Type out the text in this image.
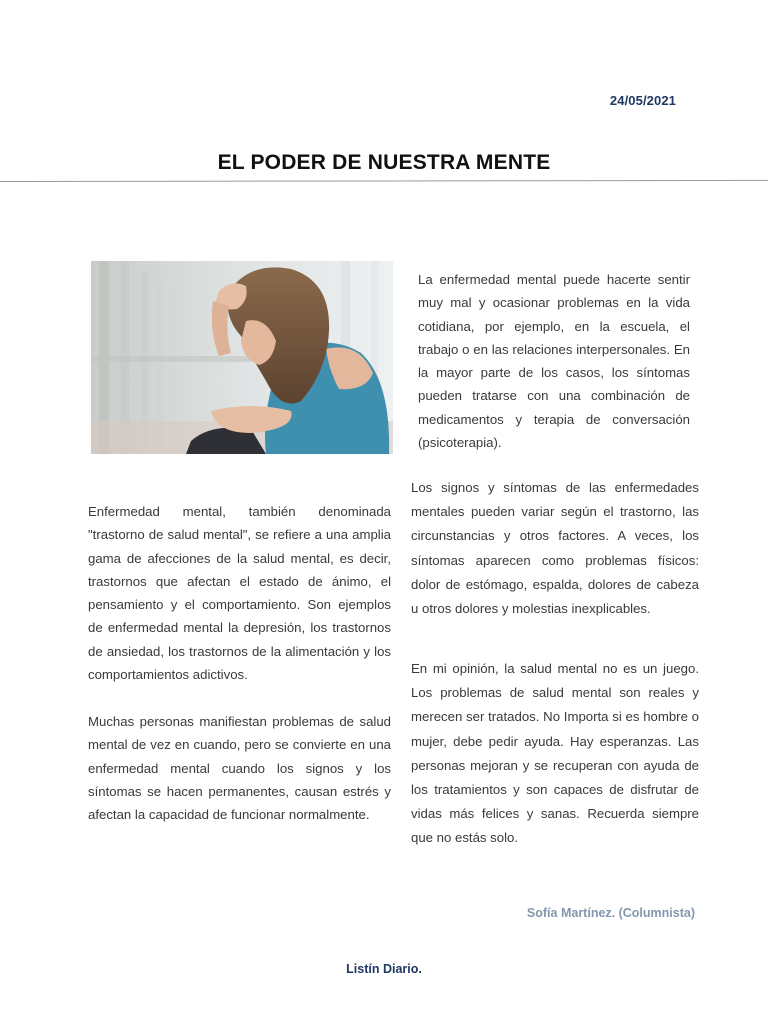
24/05/2021
EL PODER DE NUESTRA MENTE

La enfermedad mental puede hacerte sentir muy mal y ocasionar problemas en la vida cotidiana, por ejemplo, en la escuela, el trabajo o en las relaciones interpersonales. En la mayor parte de los casos, los síntomas pueden tratarse con una combinación de medicamentos y terapia de conversación (psicoterapia).

Los signos y síntomas de las enfermedades mentales pueden variar según el trastorno, las circunstancias y otros factores. A veces, los síntomas aparecen como problemas físicos: dolor de estómago, espalda, dolores de cabeza u otros dolores y molestias inexplicables.

En mi opinión, la salud mental no es un juego. Los problemas de salud mental son reales y merecen ser tratados. No Importa si es hombre o mujer, debe pedir ayuda. Hay esperanzas. Las personas mejoran y se recuperan con ayuda de los tratamientos y son capaces de disfrutar de vidas más felices y sanas. Recuerda siempre que no estás solo.

Enfermedad mental, también denominada "trastorno de salud mental", se refiere a una amplia gama de afecciones de la salud mental, es decir, trastornos que afectan el estado de ánimo, el pensamiento y el comportamiento. Son ejemplos de enfermedad mental la depresión, los trastornos de ansiedad, los trastornos de la alimentación y los comportamientos adictivos.

Muchas personas manifiestan problemas de salud mental de vez en cuando, pero se convierte en una enfermedad mental cuando los signos y los síntomas se hacen permanentes, causan estrés y afectan la capacidad de funcionar normalmente.

Sofía Martínez. (Columnista)
Listín Diario.
